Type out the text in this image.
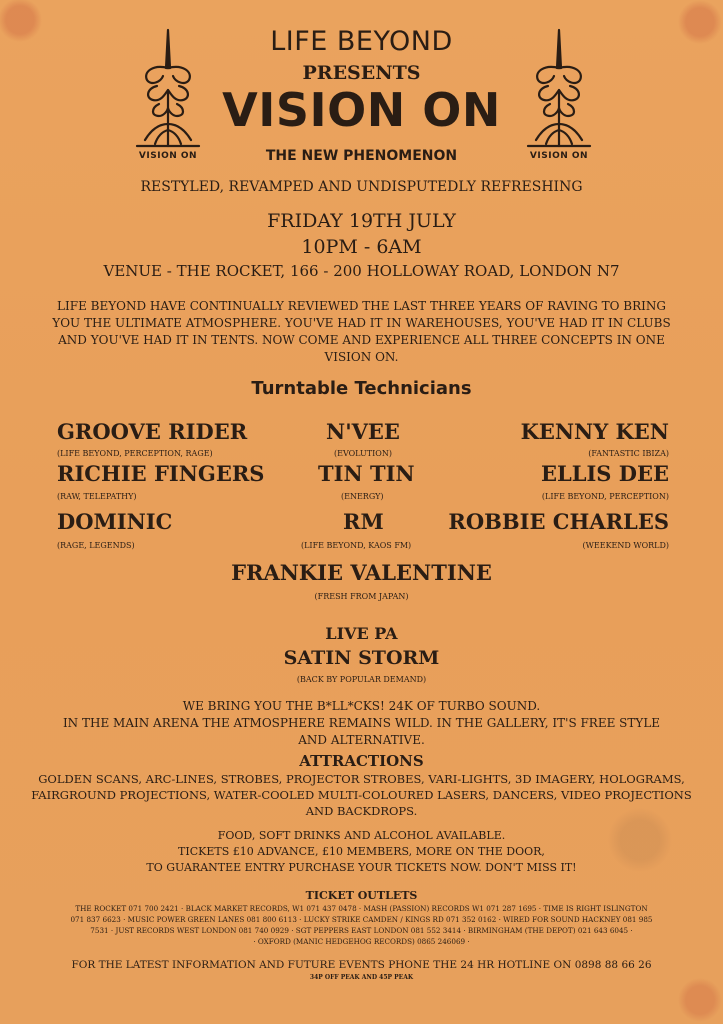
VISION ON	VISION ON
LIFE BEYOND
PRESENTS
VISION ON
THE NEW PHENOMENON
RESTYLED, REVAMPED AND UNDISPUTEDLY REFRESHING
FRIDAY 19TH JULY
10PM - 6AM
VENUE - THE ROCKET, 166 - 200 HOLLOWAY ROAD, LONDON N7
LIFE BEYOND HAVE CONTINUALLY REVIEWED THE LAST THREE YEARS OF RAVING TO BRING
YOU THE ULTIMATE ATMOSPHERE. YOU'VE HAD IT IN WAREHOUSES, YOU'VE HAD IT IN CLUBS
AND YOU'VE HAD IT IN TENTS. NOW COME AND EXPERIENCE ALL THREE CONCEPTS IN ONE
VISION ON.
Turntable Technicians
GROOVE RIDER
(LIFE BEYOND, PERCEPTION, RAGE)
N'VEE
(EVOLUTION)
KENNY KEN
(FANTASTIC IBIZA)
RICHIE FINGERS
(RAW, TELEPATHY)
TIN TIN
(ENERGY)
ELLIS DEE
(LIFE BEYOND, PERCEPTION)
DOMINIC
(RAGE, LEGENDS)
RM
(LIFE BEYOND, KAOS FM)
ROBBIE CHARLES
(WEEKEND WORLD)
FRANKIE VALENTINE
(FRESH FROM JAPAN)
LIVE PA
SATIN STORM
(BACK BY POPULAR DEMAND)
WE BRING YOU THE B*LL*CKS! 24K OF TURBO SOUND.
IN THE MAIN ARENA THE ATMOSPHERE REMAINS WILD. IN THE GALLERY, IT'S FREE STYLE
AND ALTERNATIVE.
ATTRACTIONS
GOLDEN SCANS, ARC-LINES, STROBES, PROJECTOR STROBES, VARI-LIGHTS, 3D IMAGERY, HOLOGRAMS,
FAIRGROUND PROJECTIONS, WATER-COOLED MULTI-COLOURED LASERS, DANCERS, VIDEO PROJECTIONS
AND BACKDROPS.
FOOD, SOFT DRINKS AND ALCOHOL AVAILABLE.
TICKETS £10 ADVANCE, £10 MEMBERS, MORE ON THE DOOR,
TO GUARANTEE ENTRY PURCHASE YOUR TICKETS NOW. DON'T MISS IT!
TICKET OUTLETS
THE ROCKET 071 700 2421 · BLACK MARKET RECORDS, W1 071 437 0478 · MASH (PASSION) RECORDS W1 071 287 1695 · TIME IS RIGHT ISLINGTON
071 837 6623 · MUSIC POWER GREEN LANES 081 800 6113 · LUCKY STRIKE CAMDEN / KINGS RD 071 352 0162 · WIRED FOR SOUND HACKNEY 081 985
7531 · JUST RECORDS WEST LONDON 081 740 0929 · SGT PEPPERS EAST LONDON 081 552 3414 · BIRMINGHAM (THE DEPOT) 021 643 6045 ·
· OXFORD (MANIC HEDGEHOG RECORDS) 0865 246069 ·
FOR THE LATEST INFORMATION AND FUTURE EVENTS PHONE THE 24 HR HOTLINE ON 0898 88 66 26
34P OFF PEAK AND 45P PEAK
